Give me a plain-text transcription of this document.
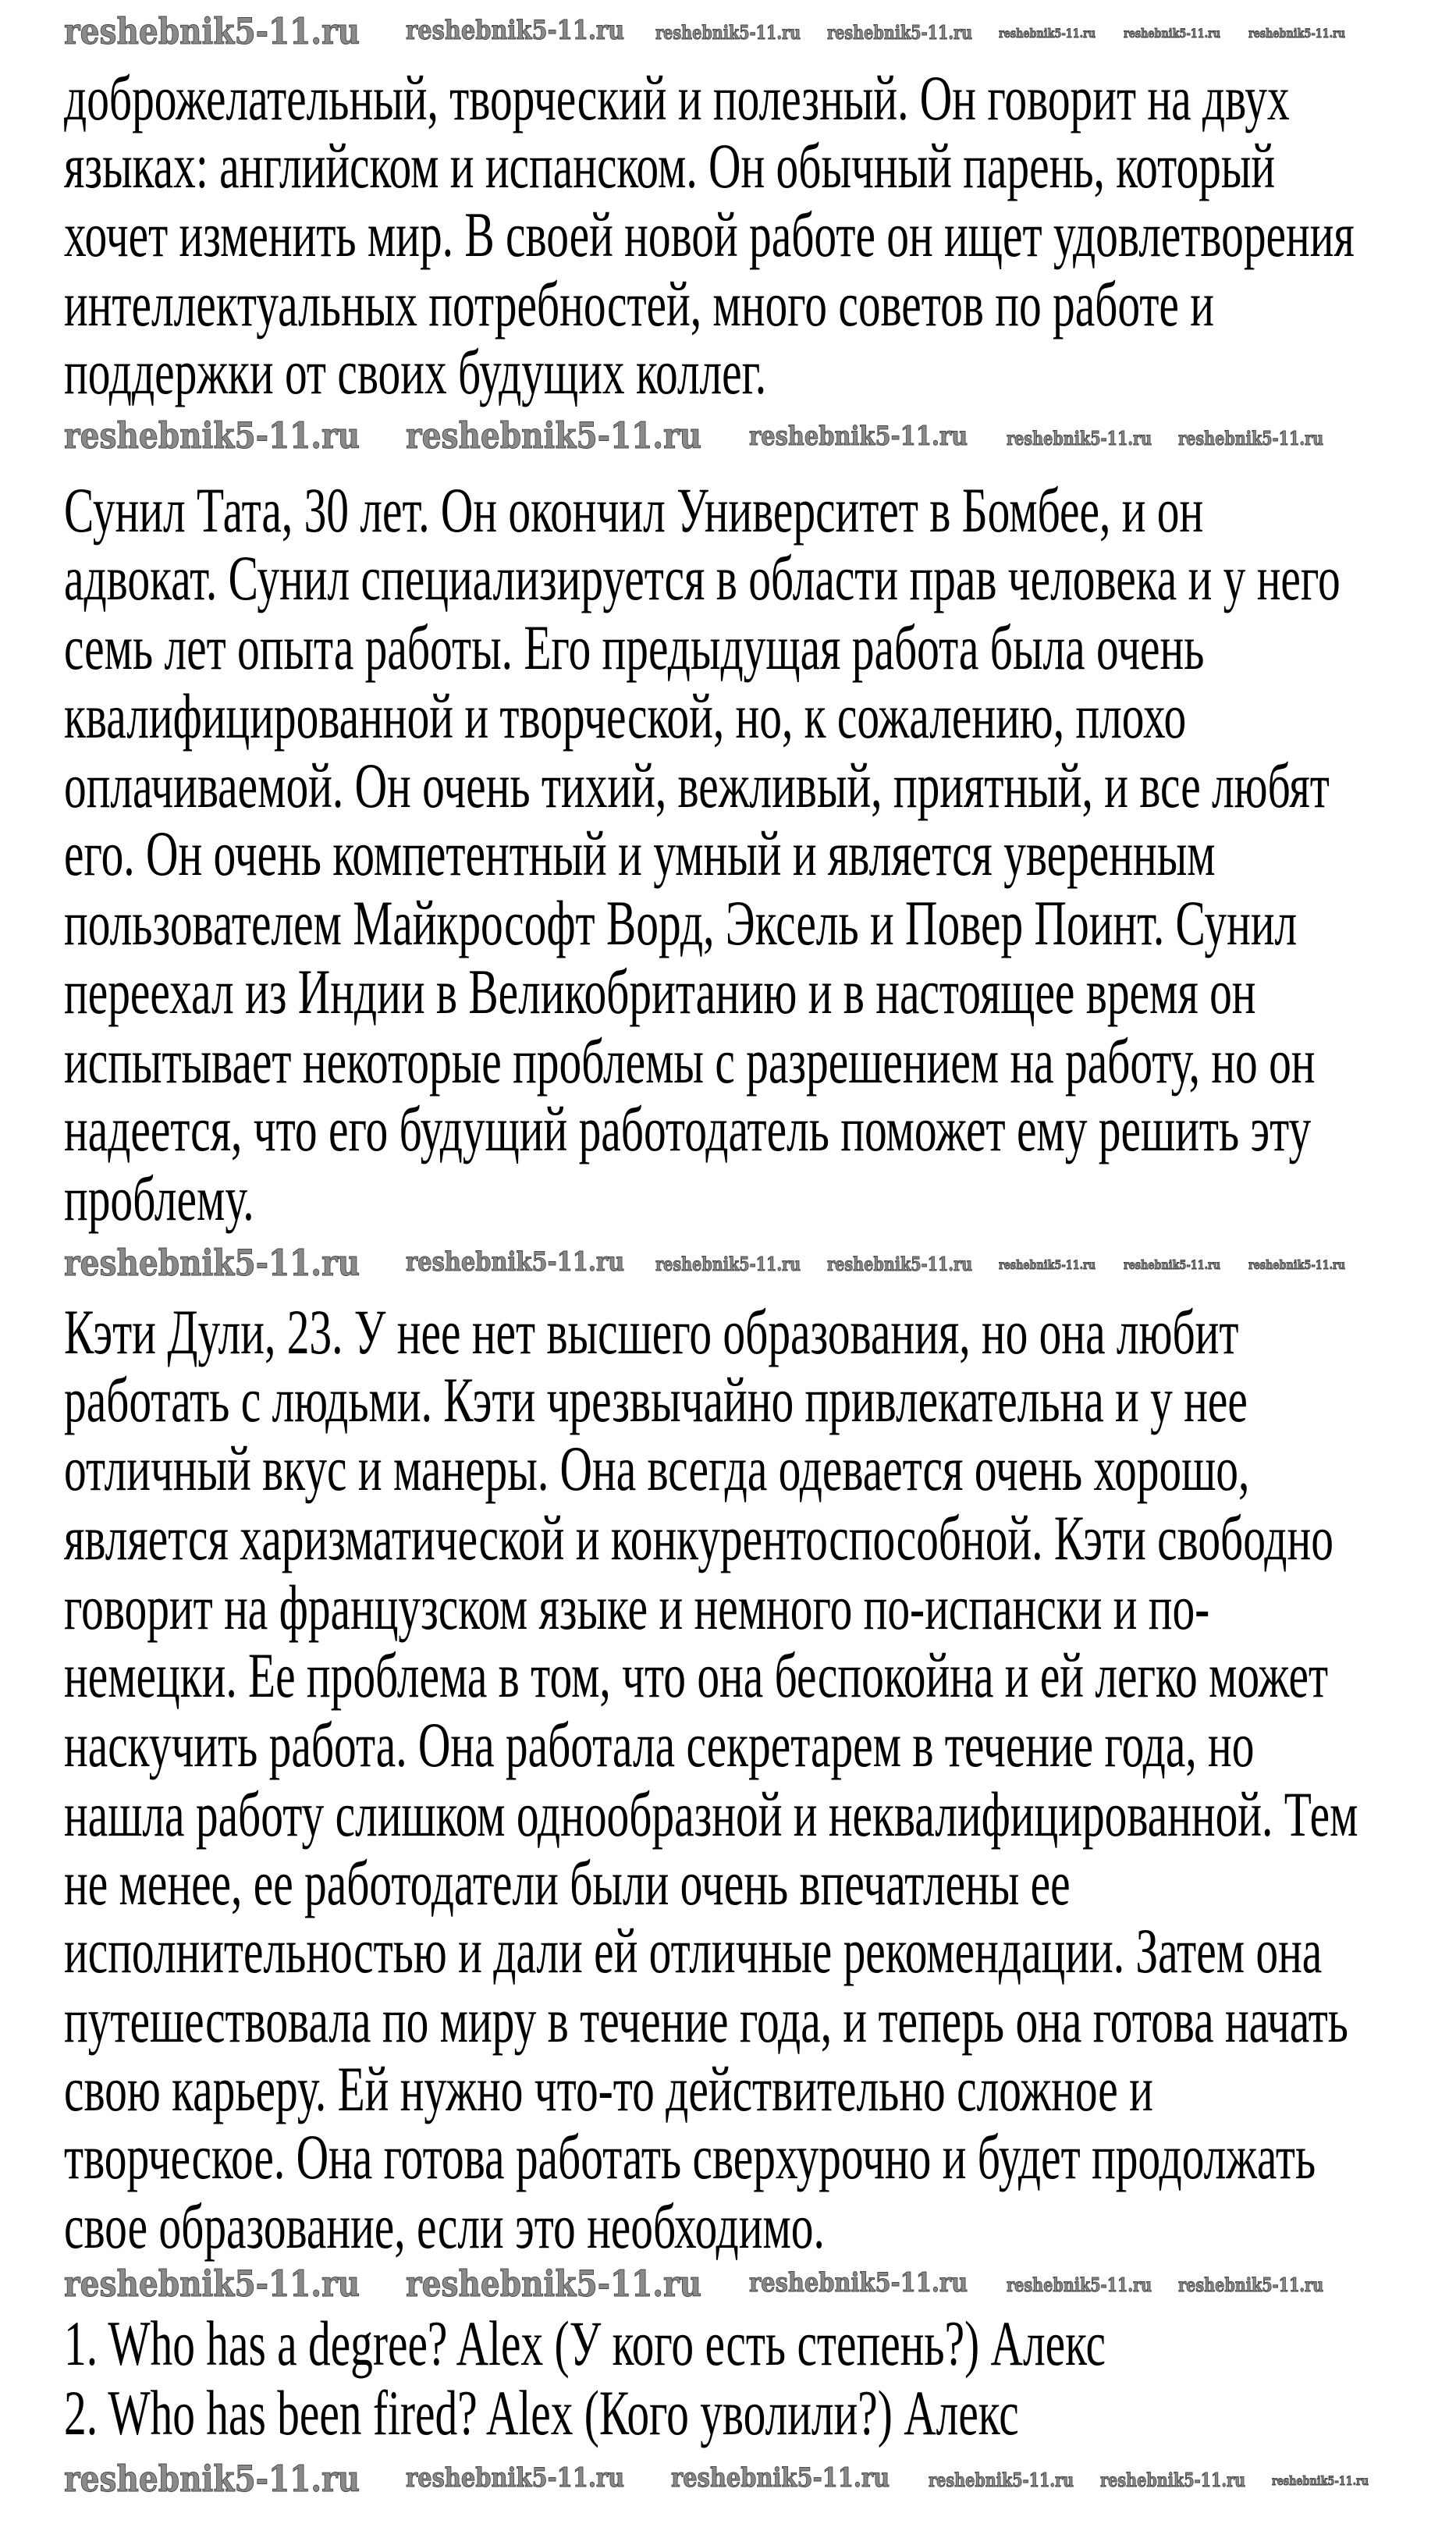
доброжелательный, творческий и полезный. Он говорит на двух
языках: английском и испанском. Он обычный парень, который
хочет изменить мир. В своей новой работе он ищет удовлетворения
интеллектуальных потребностей, много советов по работе и
поддержки от своих будущих коллег.
Сунил Тата, 30 лет. Он окончил Университет в Бомбее, и он
адвокат. Сунил специализируется в области прав человека и у него
семь лет опыта работы. Его предыдущая работа была очень
квалифицированной и творческой, но, к сожалению, плохо
оплачиваемой. Он очень тихий, вежливый, приятный, и все любят
его. Он очень компетентный и умный и является уверенным
пользователем Майкрософт Ворд, Эксель и Повер Поинт. Сунил
переехал из Индии в Великобританию и в настоящее время он
испытывает некоторые проблемы с разрешением на работу, но он
надеется, что его будущий работодатель поможет ему решить эту
проблему.
Кэти Дули, 23. У нее нет высшего образования, но она любит
работать с людьми. Кэти чрезвычайно привлекательна и у нее
отличный вкус и манеры. Она всегда одевается очень хорошо,
является харизматической и конкурентоспособной. Кэти свободно
говорит на французском языке и немного по-испански и по-
немецки. Ее проблема в том, что она беспокойна и ей легко может
наскучить работа. Она работала секретарем в течение года, но
нашла работу слишком однообразной и неквалифицированной. Тем
не менее, ее работодатели были очень впечатлены ее
исполнительностью и дали ей отличные рекомендации. Затем она
путешествовала по миру в течение года, и теперь она готова начать
свою карьеру. Ей нужно что-то действительно сложное и
творческое. Она готова работать сверхурочно и будет продолжать
свое образование, если это необходимо.
1. Who has a degree? Alex (У кого есть степень?) Алекс
2. Who has been fired? Alex (Кого уволили?) Алекс
reshebnik5-11.ru reshebnik5-11.ru reshebnik5-11.ru reshebnik5-11.ru reshebnik5-11.ru reshebnik5-11.ru reshebnik5-11.ru
reshebnik5-11.ru reshebnik5-11.ru reshebnik5-11.ru reshebnik5-11.ru reshebnik5-11.ru
reshebnik5-11.ru reshebnik5-11.ru reshebnik5-11.ru reshebnik5-11.ru reshebnik5-11.ru reshebnik5-11.ru reshebnik5-11.ru
reshebnik5-11.ru reshebnik5-11.ru reshebnik5-11.ru reshebnik5-11.ru reshebnik5-11.ru
reshebnik5-11.ru reshebnik5-11.ru reshebnik5-11.ru reshebnik5-11.ru reshebnik5-11.ru reshebnik5-11.ru
